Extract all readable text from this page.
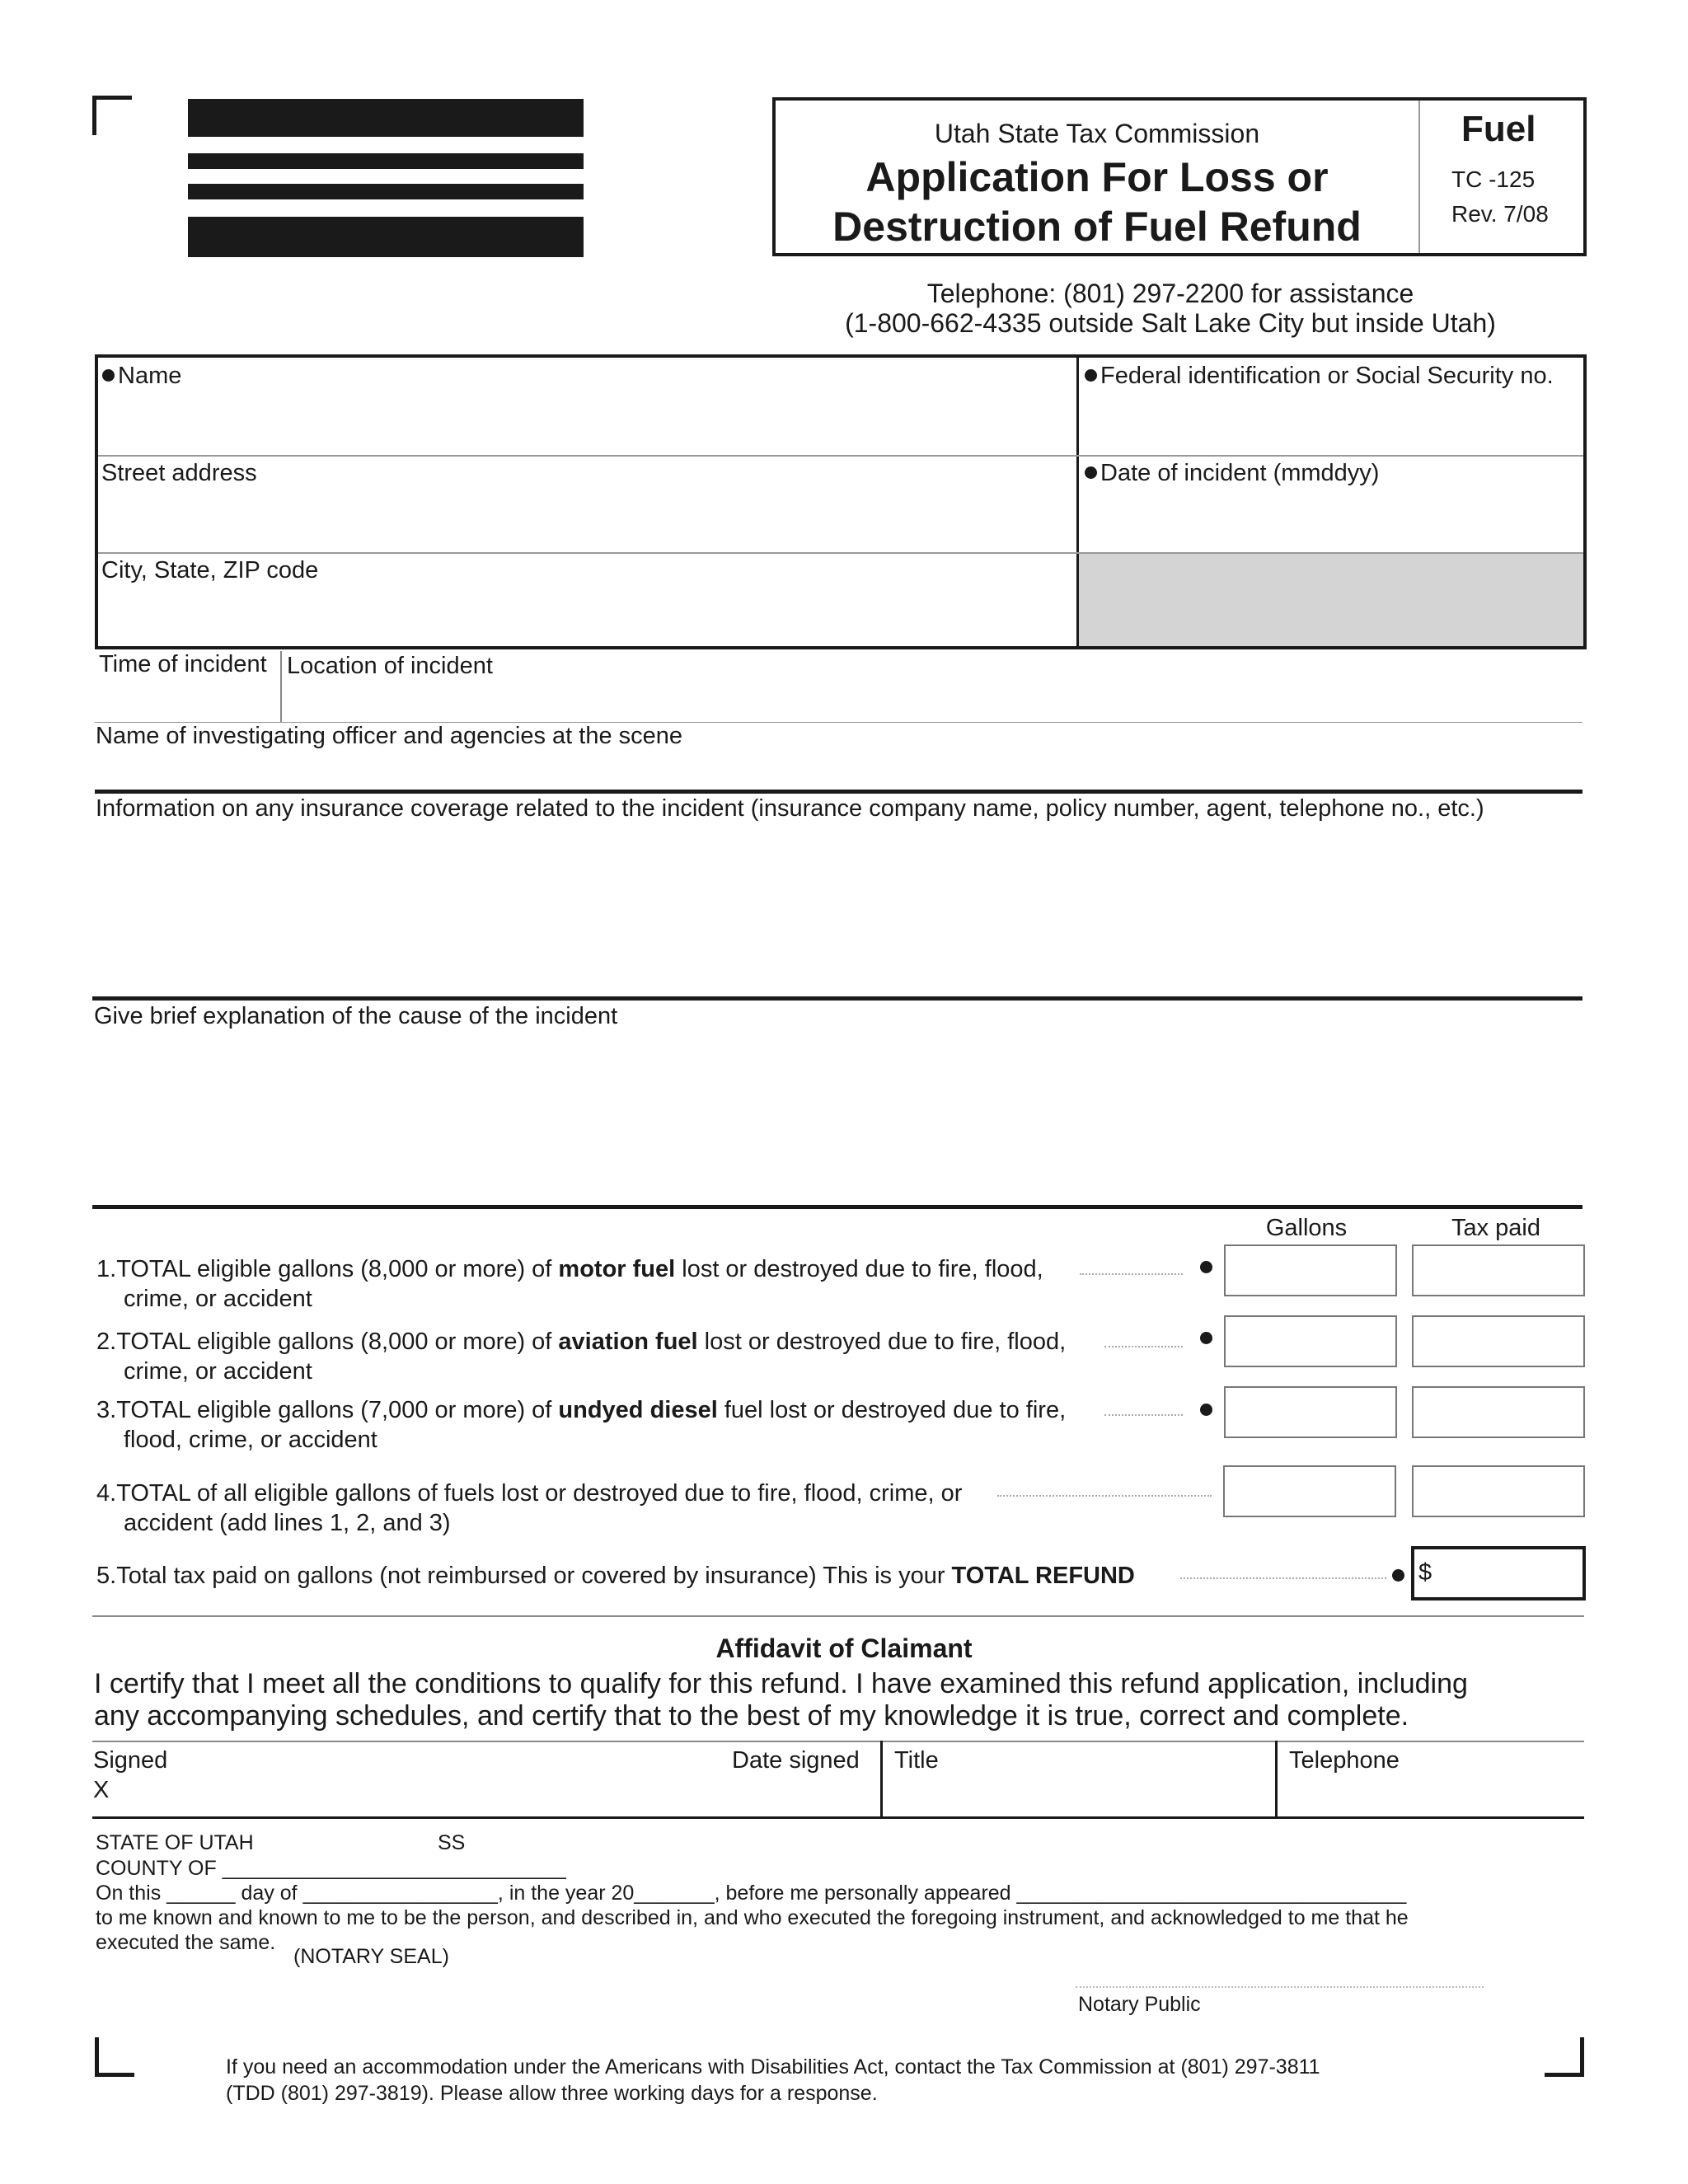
Utah State Tax Commission
Application For Loss or
Destruction of Fuel Refund
Fuel
TC -125
Rev. 7/08
Telephone: (801) 297-2200 for assistance
(1-800-662-4335 outside Salt Lake City but inside Utah)
Name	Federal identification or Social Security no.
Street address	Date of incident (mmddyy)
City, State, ZIP code
Time of incident Location of incident
Name of investigating officer and agencies at the scene
Information on any insurance coverage related to the incident (insurance company name, policy number, agent, telephone no., etc.)
Give brief explanation of the cause of the incident
Gallons	Tax paid
1.TOTAL eligible gallons (8,000 or more) of motor fuel lost or destroyed due to fire, flood,
crime, or accident
2.TOTAL eligible gallons (8,000 or more) of aviation fuel lost or destroyed due to fire, flood,
crime, or accident
3.TOTAL eligible gallons (7,000 or more) of undyed diesel fuel lost or destroyed due to fire,
flood, crime, or accident
4.TOTAL of all eligible gallons of fuels lost or destroyed due to fire, flood, crime, or
accident (add lines 1, 2, and 3)
5.Total tax paid on gallons (not reimbursed or covered by insurance) This is your TOTAL REFUND	$
Affidavit of Claimant
I certify that I meet all the conditions to qualify for this refund. I have examined this refund application, including
any accompanying schedules, and certify that to the best of my knowledge it is true, correct and complete.
Signed
X
Date signed Title	Telephone
STATE OF UTAH	SS
COUNTY OF ______________________________
On this ______ day of _________________, in the year 20_______, before me personally appeared __________________________________
to me known and known to me to be the person, and described in, and who executed the foregoing instrument, and acknowledged to me that he
executed the same.
(NOTARY SEAL)
Notary Public
If you need an accommodation under the Americans with Disabilities Act, contact the Tax Commission at (801) 297-3811
(TDD (801) 297-3819). Please allow three working days for a response.
